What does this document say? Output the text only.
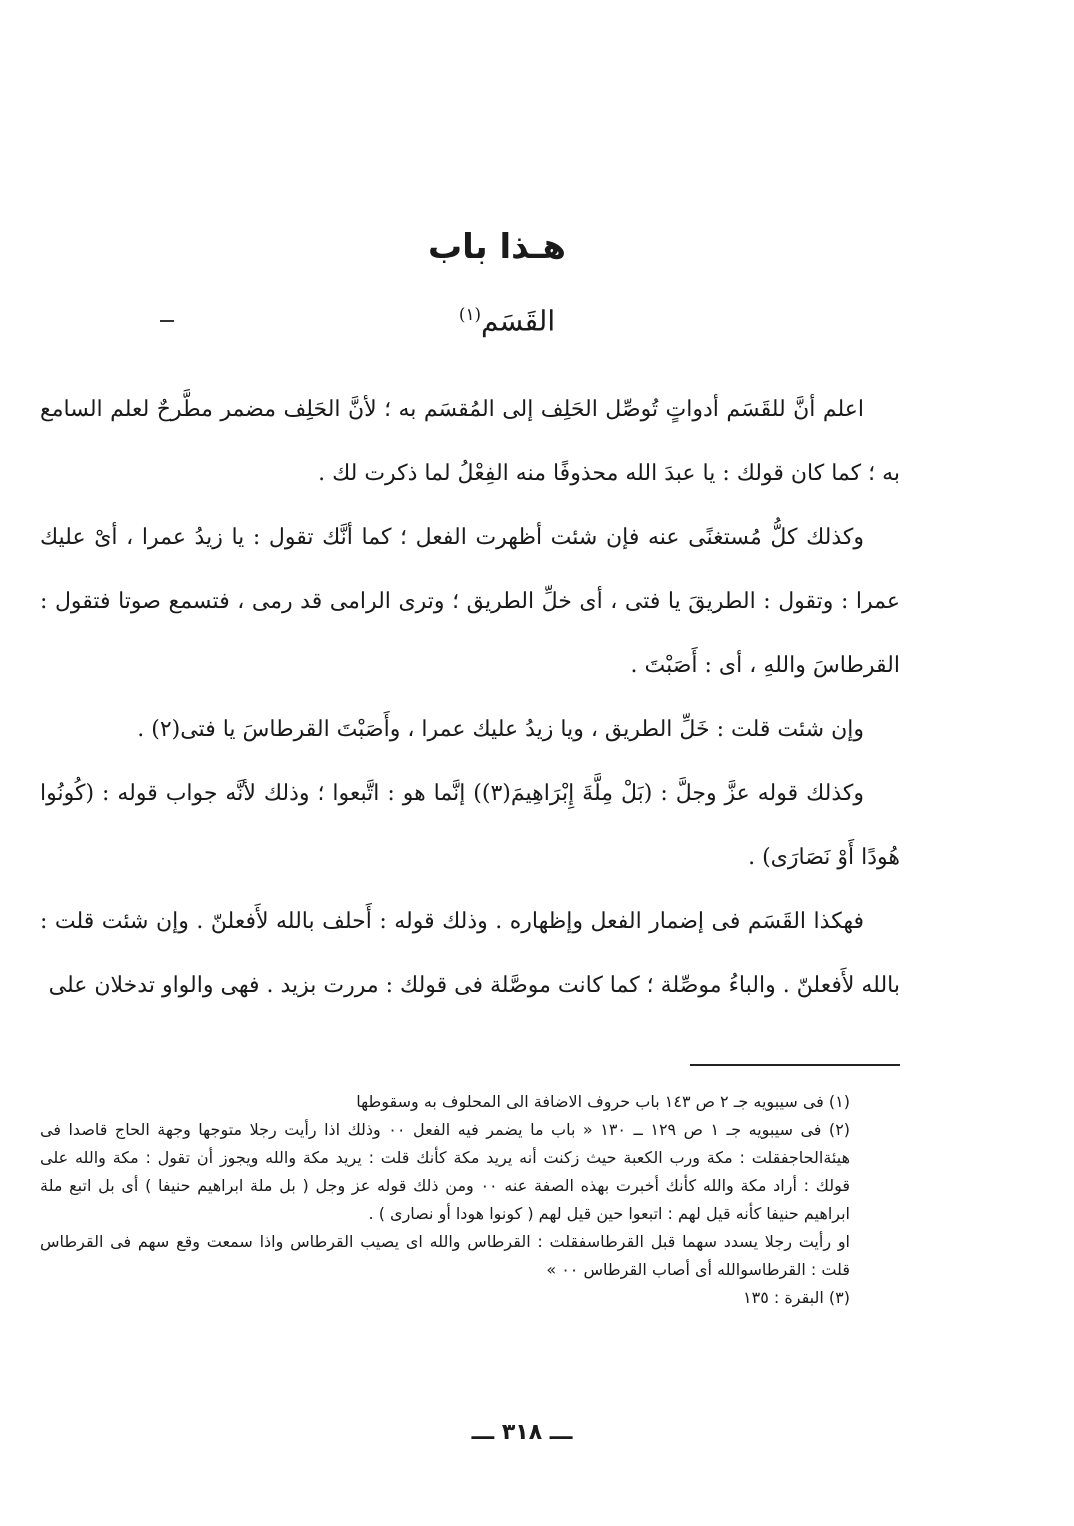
هـذا باب
القَسَم$^{(١)}$

اعلم أنَّ للقَسَم أدواتٍ تُوصِّل الحَلِف إلى المُقسَم به ؛ لأنَّ الحَلِف مضمر مطَّرحٌ لعلم السامع به ؛ كما كان قولك : يا عبدَ الله محذوفًا منه الفِعْلُ لما ذكرت لك .

وكذلك كلُّ مُستغنًى عنه فإن شئت أظهرت الفعل ؛ كما أنَّك تقول : يا زيدُ عمرا ، أىْ عليك عمرا : وتقول : الطريقَ يا فتى ، أى خلِّ الطريق ؛ وترى الرامى قد رمى ، فتسمع صوتا فتقول : القرطاسَ واللهِ ، أى : أَصَبْتَ .

وإن شئت قلت : خَلِّ الطريق ، ويا زيدُ عليك عمرا ، وأَصَبْتَ القرطاسَ يا فتى(٢) .

وكذلك قوله عزَّ وجلَّ : (بَلْ مِلَّةَ إِبْرَاهِيمَ(٣)) إنَّما هو : اتَّبعوا ؛ وذلك لأنَّه جواب قوله : (كُونُوا هُودًا أَوْ نَصَارَى) .

فهكذا القَسَم فى إضمار الفعل وإظهاره . وذلك قوله : أَحلف بالله لأَفعلنّ . وإن شئت قلت : بالله لأَفعلنّ . والباءُ موصِّلة ؛ كما كانت موصَّلة فى قولك : مررت بزيد . فهى والواو تدخلان على

(١) فى سيبويه جـ ٢ ص ١٤٣ باب حروف الاضافة الى المحلوف به وسقوطها

(٢) فى سيبويه جـ ١ ص ١٢٩ ــ ١٣٠ « باب ما يضمر فيه الفعل ٠٠ وذلك اذا رأيت رجلا متوجها وجهة الحاج قاصدا فى هيئةالحاجفقلت : مكة ورب الكعبة حيث زكنت أنه يريد مكة كأنك قلت : يريد مكة والله ويجوز أن تقول : مكة والله على قولك : أراد مكة والله كأنك أخبرت بهذه الصفة عنه ٠٠ ومن ذلك قوله عز وجل ( بل ملة ابراهيم حنيفا ) أى بل اتبع ملة ابراهيم حنيفا كأنه قيل لهم : اتبعوا حين قيل لهم ( كونوا هودا أو نصارى ) .

او رأيت رجلا يسدد سهما قبل القرطاسفقلت : القرطاس والله اى يصيب القرطاس واذا سمعت وقع سهم فى القرطاس قلت : القرطاسوالله أى أصاب القرطاس ٠٠ »

(٣) البقرة : ١٣٥

ـــ ٣١٨ ـــ
